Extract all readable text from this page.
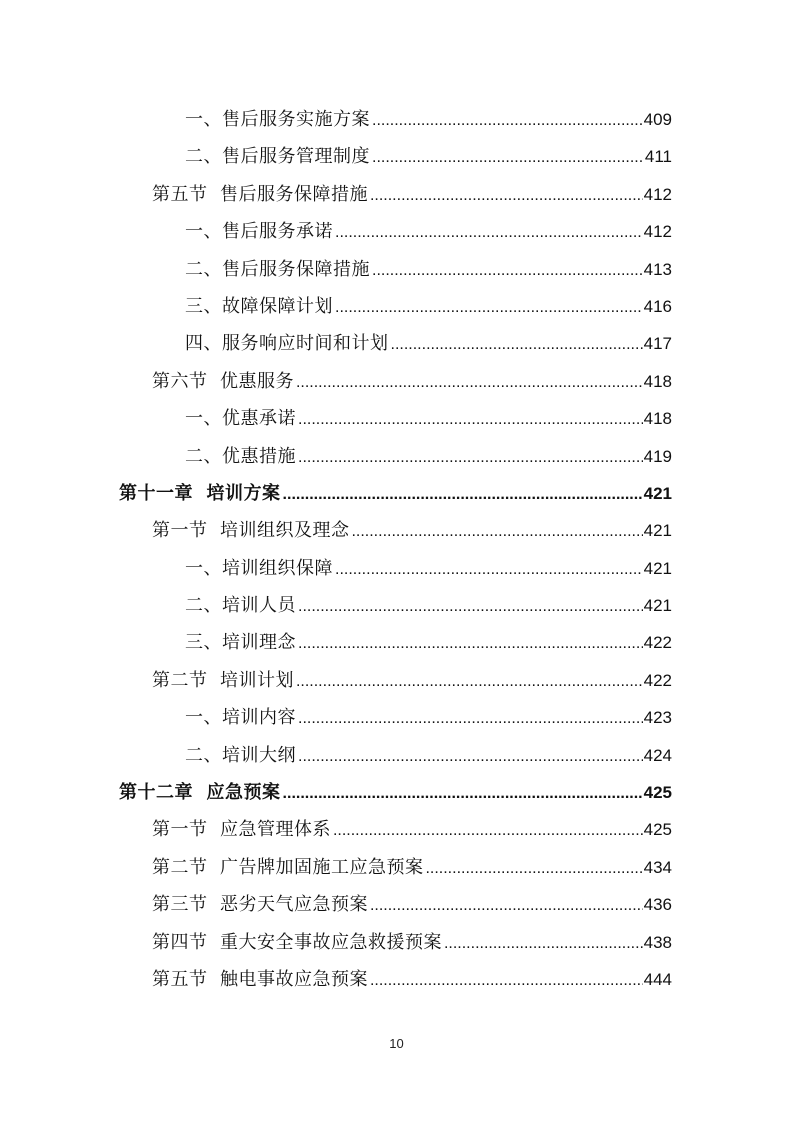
一、售后服务实施方案 .....	409
二、售后服务管理制度 .....	411
第五节  售后服务保障措施 .....	412
一、售后服务承诺 .....	412
二、售后服务保障措施 .....	413
三、故障保障计划 .....	416
四、服务响应时间和计划 .....	417
第六节  优惠服务 .....	418
一、优惠承诺 .....	418
二、优惠措施 .....	419
第十一章  培训方案 .....	421
第一节  培训组织及理念 .....	421
一、培训组织保障 .....	421
二、培训人员 .....	421
三、培训理念 .....	422
第二节  培训计划 .....	422
一、培训内容 .....	423
二、培训大纲 .....	424
第十二章  应急预案 .....	425
第一节  应急管理体系 .....	425
第二节  广告牌加固施工应急预案 .....	434
第三节  恶劣天气应急预案 .....	436
第四节  重大安全事故应急救援预案 .....	438
第五节  触电事故应急预案 .....	444
10
